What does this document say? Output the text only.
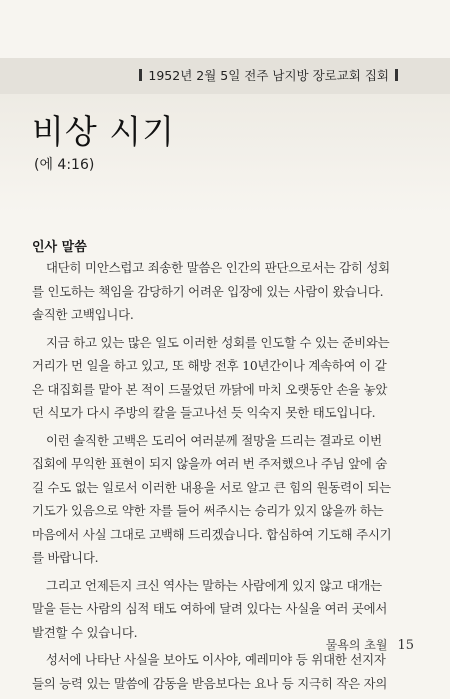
1952년 2월 5일 전주 남지방 장로교회 집회
비상 시기
(에 4:16)
인사 말씀

대단히 미안스럽고 죄송한 말씀은 인간의 판단으로서는 감히 성회
를 인도하는 책임을 감당하기 어려운 입장에 있는 사람이 왔습니다.
솔직한 고백입니다.

지금 하고 있는 많은 일도 이러한 성회를 인도할 수 있는 준비와는
거리가 먼 일을 하고 있고, 또 해방 전후 10년간이나 계속하여 이 같
은 대집회를 맡아 본 적이 드물었던 까닭에 마치 오랫동안 손을 놓았
던 식모가 다시 주방의 칼을 들고나선 듯 익숙지 못한 태도입니다.

이런 솔직한 고백은 도리어 여러분께 절망을 드리는 결과로 이번
집회에 무익한 표현이 되지 않을까 여러 번 주저했으나 주님 앞에 숨
길 수도 없는 일로서 이러한 내용을 서로 알고 큰 힘의 원동력이 되는
기도가 있음으로 약한 자를 들어 써주시는 승리가 있지 않을까 하는
마음에서 사실 그대로 고백해 드리겠습니다. 합심하여 기도해 주시기
를 바랍니다.

그리고 언제든지 크신 역사는 말하는 사람에게 있지 않고 대개는
말을 듣는 사람의 심적 태도 여하에 달려 있다는 사실을 여러 곳에서
발견할 수 있습니다.

성서에 나타난 사실을 보아도 이사야, 예레미야 등 위대한 선지자
들의 능력 있는 말씀에 감동을 받음보다는 요나 등 지극히 작은 자의

물욕의 초월 15
